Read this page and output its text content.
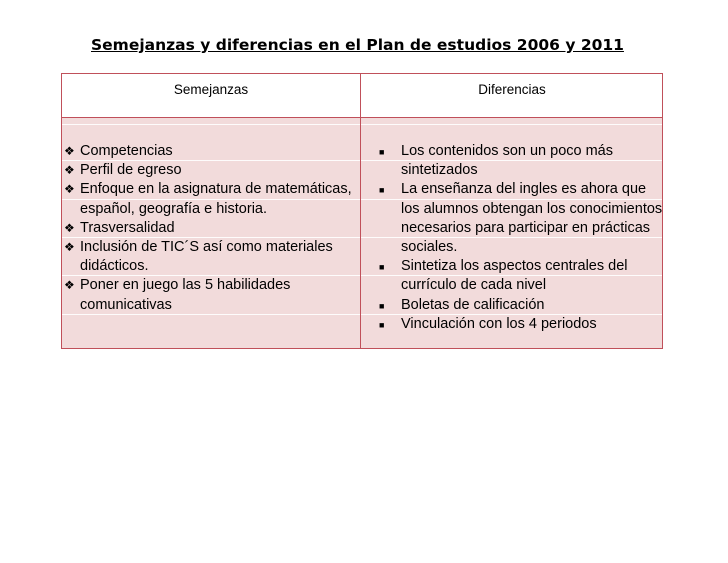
Semejanzas y diferencias en el Plan de estudios 2006 y 2011
Semejanzas	Diferencias
❖ Competencias
❖ Perfil de egreso
❖ Enfoque en la asignatura de matemáticas, español, geografía e historia.
❖ Trasversalidad
❖ Inclusión de TIC´S así como materiales didácticos.
❖ Poner en juego las 5 habilidades comunicativas
■ Los contenidos son un poco más sintetizados
■ La enseñanza del ingles es ahora que los alumnos obtengan los conocimientos necesarios para participar en prácticas sociales.
■ Sintetiza los aspectos centrales del currículo de cada nivel
■ Boletas de calificación
■ Vinculación con los 4 periodos
